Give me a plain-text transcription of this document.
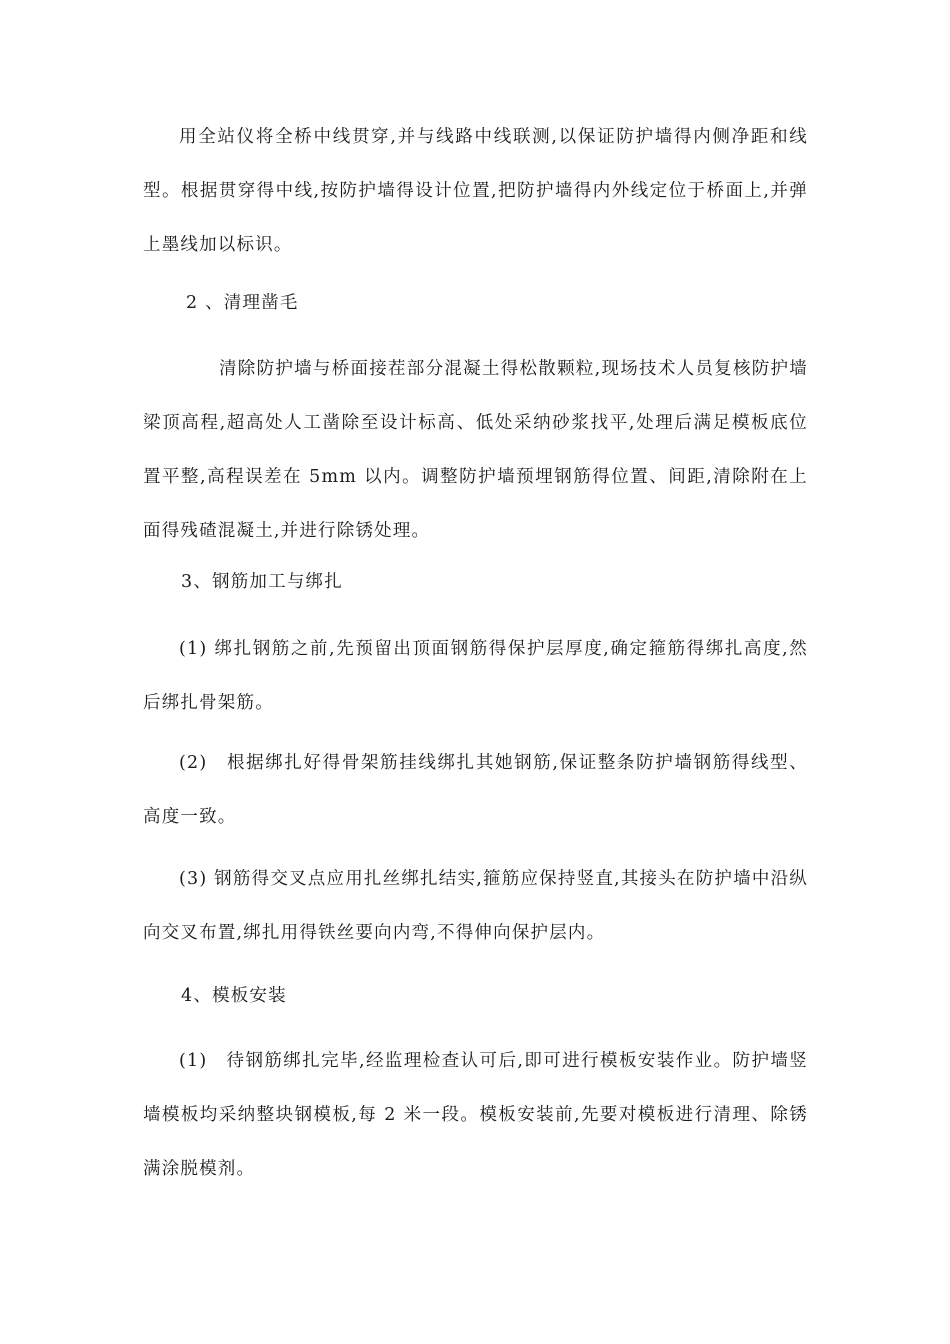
用全站仪将全桥中线贯穿,并与线路中线联测,以保证防护墙得内侧净距和线型。根据贯穿得中线,按防护墙得设计位置,把防护墙得内外线定位于桥面上,并弹上墨线加以标识。

2 、清理凿毛

清除防护墙与桥面接茬部分混凝土得松散颗粒,现场技术人员复核防护墙梁顶高程,超高处人工凿除至设计标高、低处采纳砂浆找平,处理后满足模板底位置平整,高程误差在 5mm 以内。调整防护墙预埋钢筋得位置、间距,清除附在上面得残碴混凝土,并进行除锈处理。

3、钢筋加工与绑扎

(1) 绑扎钢筋之前,先预留出顶面钢筋得保护层厚度,确定箍筋得绑扎高度,然后绑扎骨架筋。

(2)　根据绑扎好得骨架筋挂线绑扎其她钢筋,保证整条防护墙钢筋得线型、高度一致。

(3) 钢筋得交叉点应用扎丝绑扎结实,箍筋应保持竖直,其接头在防护墙中沿纵向交叉布置,绑扎用得铁丝要向内弯,不得伸向保护层内。

4、模板安装

(1)　待钢筋绑扎完毕,经监理检查认可后,即可进行模板安装作业。防护墙竖墙模板均采纳整块钢模板,每 2 米一段。模板安装前,先要对模板进行清理、除锈满涂脱模剂。
